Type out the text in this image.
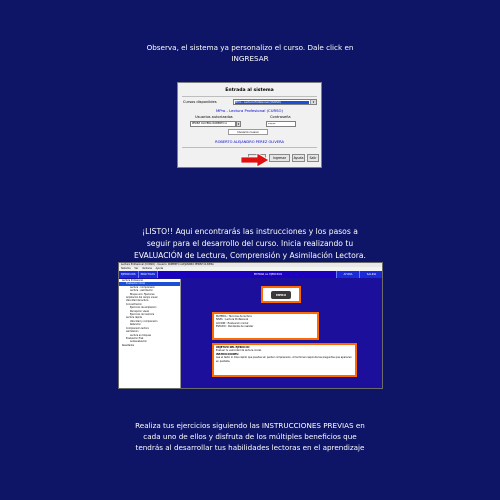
Observa, el sistema ya personalizo el curso. Dale click en
INGRESAR
Entrada al sistema
Cursos disponibles	MPro - Lectura Profesional (CURSO)	▾
MPro - Lectura Profesional (CURSO)
Usuarios autorizados	Contraseña
PEREZ OLIVERA ROBERTO A	▾	*****
Usuario nuevo
ROBERTO ALEJANDRO PEREZ OLIVERA
Ingresar	Ayuda	Salir
¡LISTO!! Aqui encontrarás las instrucciones y los pasos a
seguir para el desarrollo del curso. Inicia realizando tu
EVALUACIÓN de Lectura, Comprensión y Asimilación Lectora.
Lectura Profesional (CURSO) - Usuario: ROBERTO ALEJANDRO PEREZ OLIVERA
Sistema Ver Ventana Ayuda
EJERCICIOS	PRÁCTICAS	ENTRAR AL EJERCICIO	AYUDA	SALIDA
Lectura Profesional
Evaluación inicial
Lectura - Comprensión
Lectura - Asimilación
Bloque uno: Fijaciones
Ampliación del campo visual
Velocidad de lectura
Concentración
Ejercicios de ampliación
Percepción visual
Ejercicios de memoria
Lectura rápida
Velocidad y comprensión
Retención
Comprensión lectora
Asimilación
Lectura en bloques
Evaluación final
Autoevaluación
Resultados
MPRO
MATERIA : Técnicas de lectura
NIVEL : Lectura Profesional
ACCIÓN : Evaluación inicial
ESTADO : Pendiente de realizar
OBJETIVO DEL EJERCICIO:
Evaluar tu velocidad de lectura inicial.
INSTRUCCIONES:
Lee el texto lo más rápido que puedas sin perder comprensión. Al terminar responde las preguntas que aparecen en pantalla.
Realiza tus ejercicios siguiendo las INSTRUCCIONES PREVIAS en
cada uno de ellos y disfruta de los múltiples beneficios que
tendrás al desarrollar tus habilidades lectoras en el aprendizaje
